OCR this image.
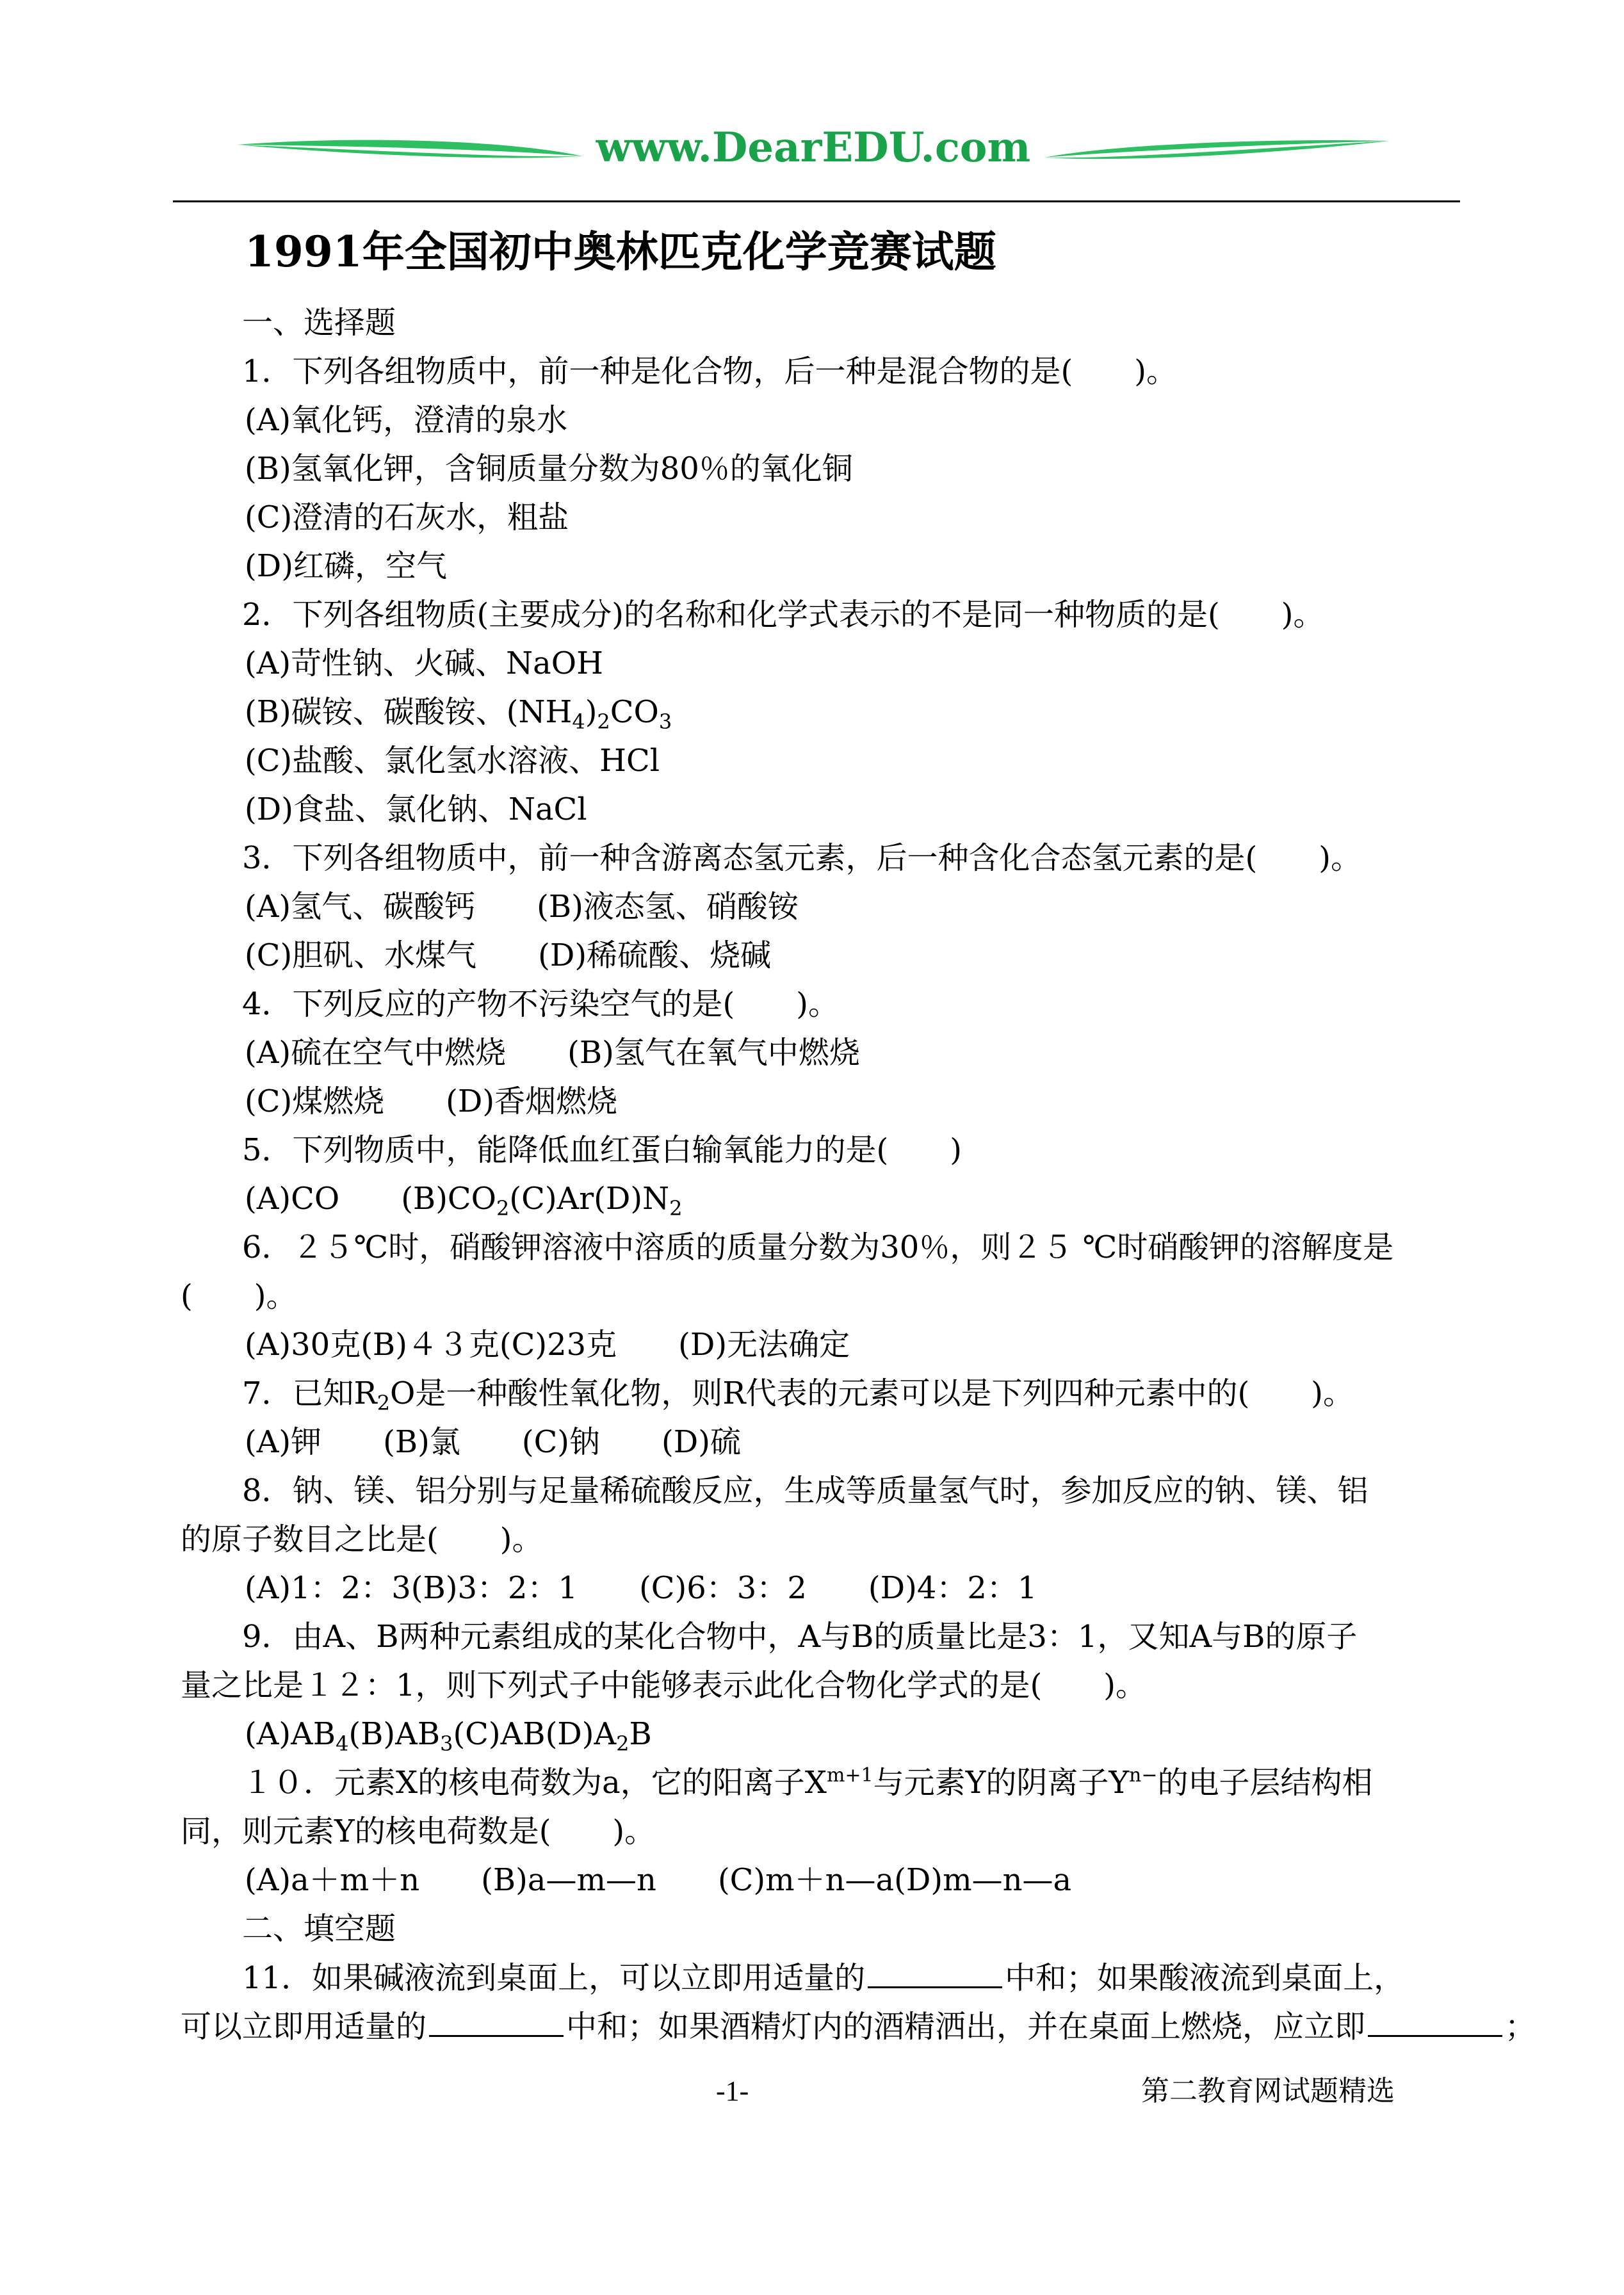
www.DearEDU.com
1991年全国初中奥林匹克化学竞赛试题
一、选择题
1．下列各组物质中，前一种是化合物，后一种是混合物的是(　　)。
(A)氧化钙，澄清的泉水
(B)氢氧化钾，含铜质量分数为80％的氧化铜
(C)澄清的石灰水，粗盐
(D)红磷，空气
2．下列各组物质(主要成分)的名称和化学式表示的不是同一种物质的是(　　)。
(A)苛性钠、火碱、NaOH
(B)碳铵、碳酸铵、$(NH_4)_2CO_3$
(C)盐酸、氯化氢水溶液、HCl
(D)食盐、氯化钠、NaCl
3．下列各组物质中，前一种含游离态氢元素，后一种含化合态氢元素的是(　　)。
(A)氢气、碳酸钙　　(B)液态氢、硝酸铵
(C)胆矾、水煤气　　(D)稀硫酸、烧碱
4．下列反应的产物不污染空气的是(　　)。
(A)硫在空气中燃烧　　(B)氢气在氧气中燃烧
(C)煤燃烧　　(D)香烟燃烧
5．下列物质中，能降低血红蛋白输氧能力的是(　　)
(A)CO　　$(B)CO_2(C)Ar(D)N_2$
6．２５℃时，硝酸钾溶液中溶质的质量分数为30％，则２５ ℃时硝酸钾的溶解度是
(　　)。
(A)30克(B)４３克(C)23克　　(D)无法确定
7．已知$R_2O$是一种酸性氧化物，则R代表的元素可以是下列四种元素中的(　　)。
(A)钾　　(B)氯　　(C)钠　　(D)硫
8．钠、镁、铝分别与足量稀硫酸反应，生成等质量氢气时，参加反应的钠、镁、铝
的原子数目之比是(　　)。
(A)1：2：3(B)3：2：1　　(C)6：3：2　　(D)4：2：1
9．由A、B两种元素组成的某化合物中，A与B的质量比是3：1，又知A与B的原子
量之比是１２：1，则下列式子中能够表示此化合物化学式的是(　　)。
$(A)AB_4(B)AB_3(C)AB(D)A_2B$
１０．元素X的核电荷数为a，它的阳离子$X^{m+1}$与元素Y的阴离子$Y^{n-}$的电子层结构相
同，则元素Y的核电荷数是(　　)。
(A)a＋m＋n　　(B)a—m—n　　(C)m＋n—a(D)m—n—a
二、填空题
11．如果碱液流到桌面上，可以立即用适量的	中和；如果酸液流到桌面上，
可以立即用适量的	中和；如果酒精灯内的酒精洒出，并在桌面上燃烧，应立即	；
-1-	第二教育网试题精选
